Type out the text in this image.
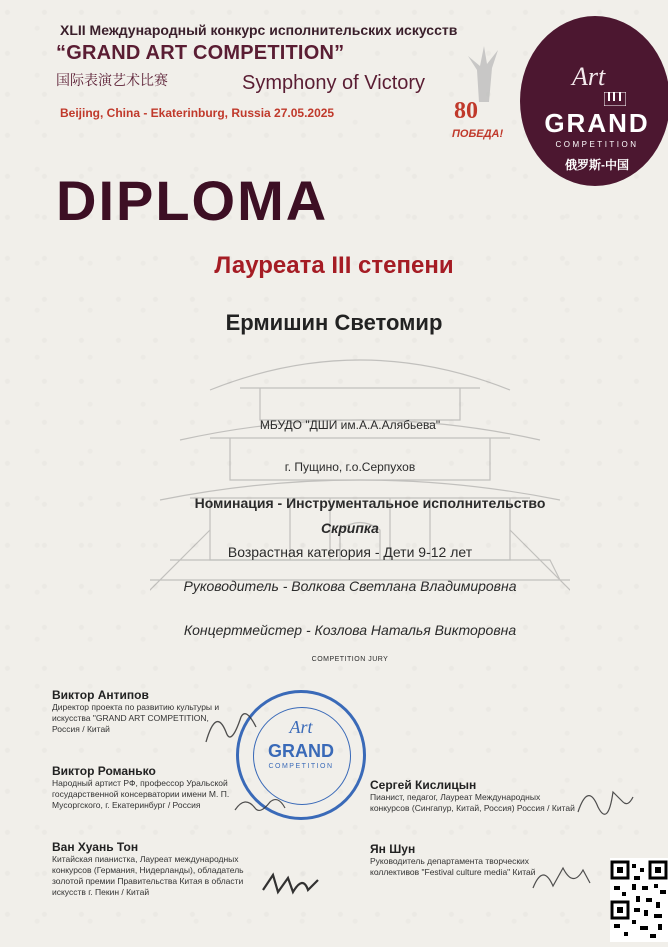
XLII Международный конкурс исполнительских искусств
“GRAND ART COMPETITION”
国际表演艺术比赛	Symphony of Victory
Beijing, China - Ekaterinburg, Russia 27.05.2025	80
ПОБЕДА!
Art
GRAND
COMPETITION
俄罗斯-中国
DIPLOMA
Лауреата III степени
Ермишин Светомир
МБУДО "ДШИ им.А.А.Алябьева"
г. Пущино, г.о.Серпухов
Номинация - Инструментальное исполнительство
Скрипка
Возрастная категория - Дети 9-12 лет
Руководитель - Волкова Светлана Владимировна
Концертмейстер - Козлова Наталья Викторовна
COMPETITION JURY
Виктор Антипов
Директор проекта по развитию культуры и искусства "GRAND ART COMPETITION, Россия / Китай
Виктор Романько
Народный артист РФ, профессор Уральской государственной консерватории имени М. П. Мусоргского, г. Екатеринбург / Россия
Ван Хуань Тон
Китайская пианистка, Лауреат международных конкурсов (Германия, Нидерланды), обладатель золотой премии Правительства Китая в области искусств г. Пекин / Китай
Сергей Кислицын
Пианист, педагог, Лауреат Международных конкурсов (Сингапур, Китай, Россия) Россия / Китай
Ян Шун
Руководитель департамента творческих коллективов "Festival culture media" Китай
Art
GRAND
COMPETITION
